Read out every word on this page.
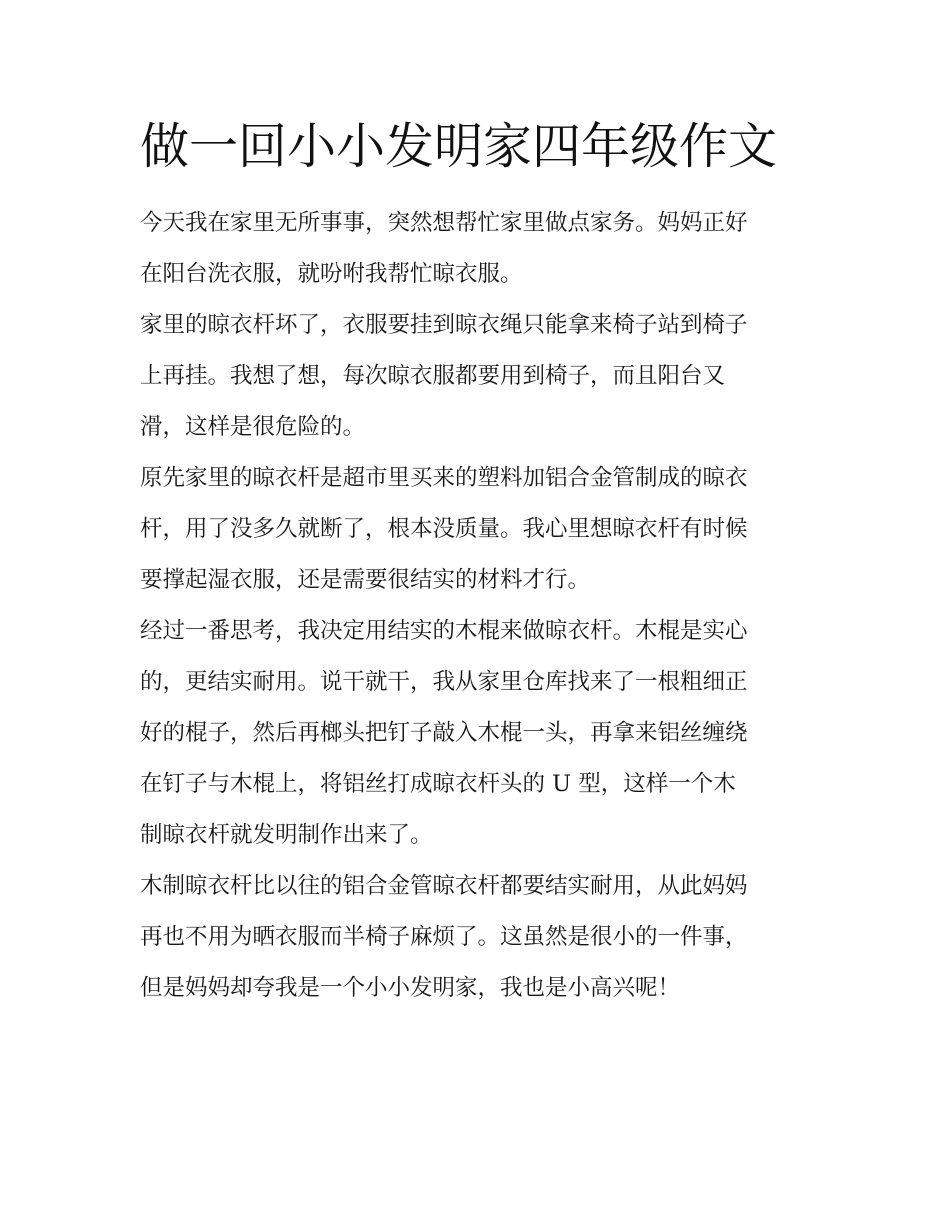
做一回小小发明家四年级作文
今天我在家里无所事事，突然想帮忙家里做点家务。妈妈正好
在阳台洗衣服，就吩咐我帮忙晾衣服。
家里的晾衣杆坏了，衣服要挂到晾衣绳只能拿来椅子站到椅子
上再挂。我想了想，每次晾衣服都要用到椅子，而且阳台又
滑，这样是很危险的。
原先家里的晾衣杆是超市里买来的塑料加铝合金管制成的晾衣
杆，用了没多久就断了，根本没质量。我心里想晾衣杆有时候
要撑起湿衣服，还是需要很结实的材料才行。
经过一番思考，我决定用结实的木棍来做晾衣杆。木棍是实心
的，更结实耐用。说干就干，我从家里仓库找来了一根粗细正
好的棍子，然后再榔头把钉子敲入木棍一头，再拿来铝丝缠绕
在钉子与木棍上，将铝丝打成晾衣杆头的 U 型，这样一个木
制晾衣杆就发明制作出来了。
木制晾衣杆比以往的铝合金管晾衣杆都要结实耐用，从此妈妈
再也不用为晒衣服而半椅子麻烦了。这虽然是很小的一件事，
但是妈妈却夸我是一个小小发明家，我也是小高兴呢！
